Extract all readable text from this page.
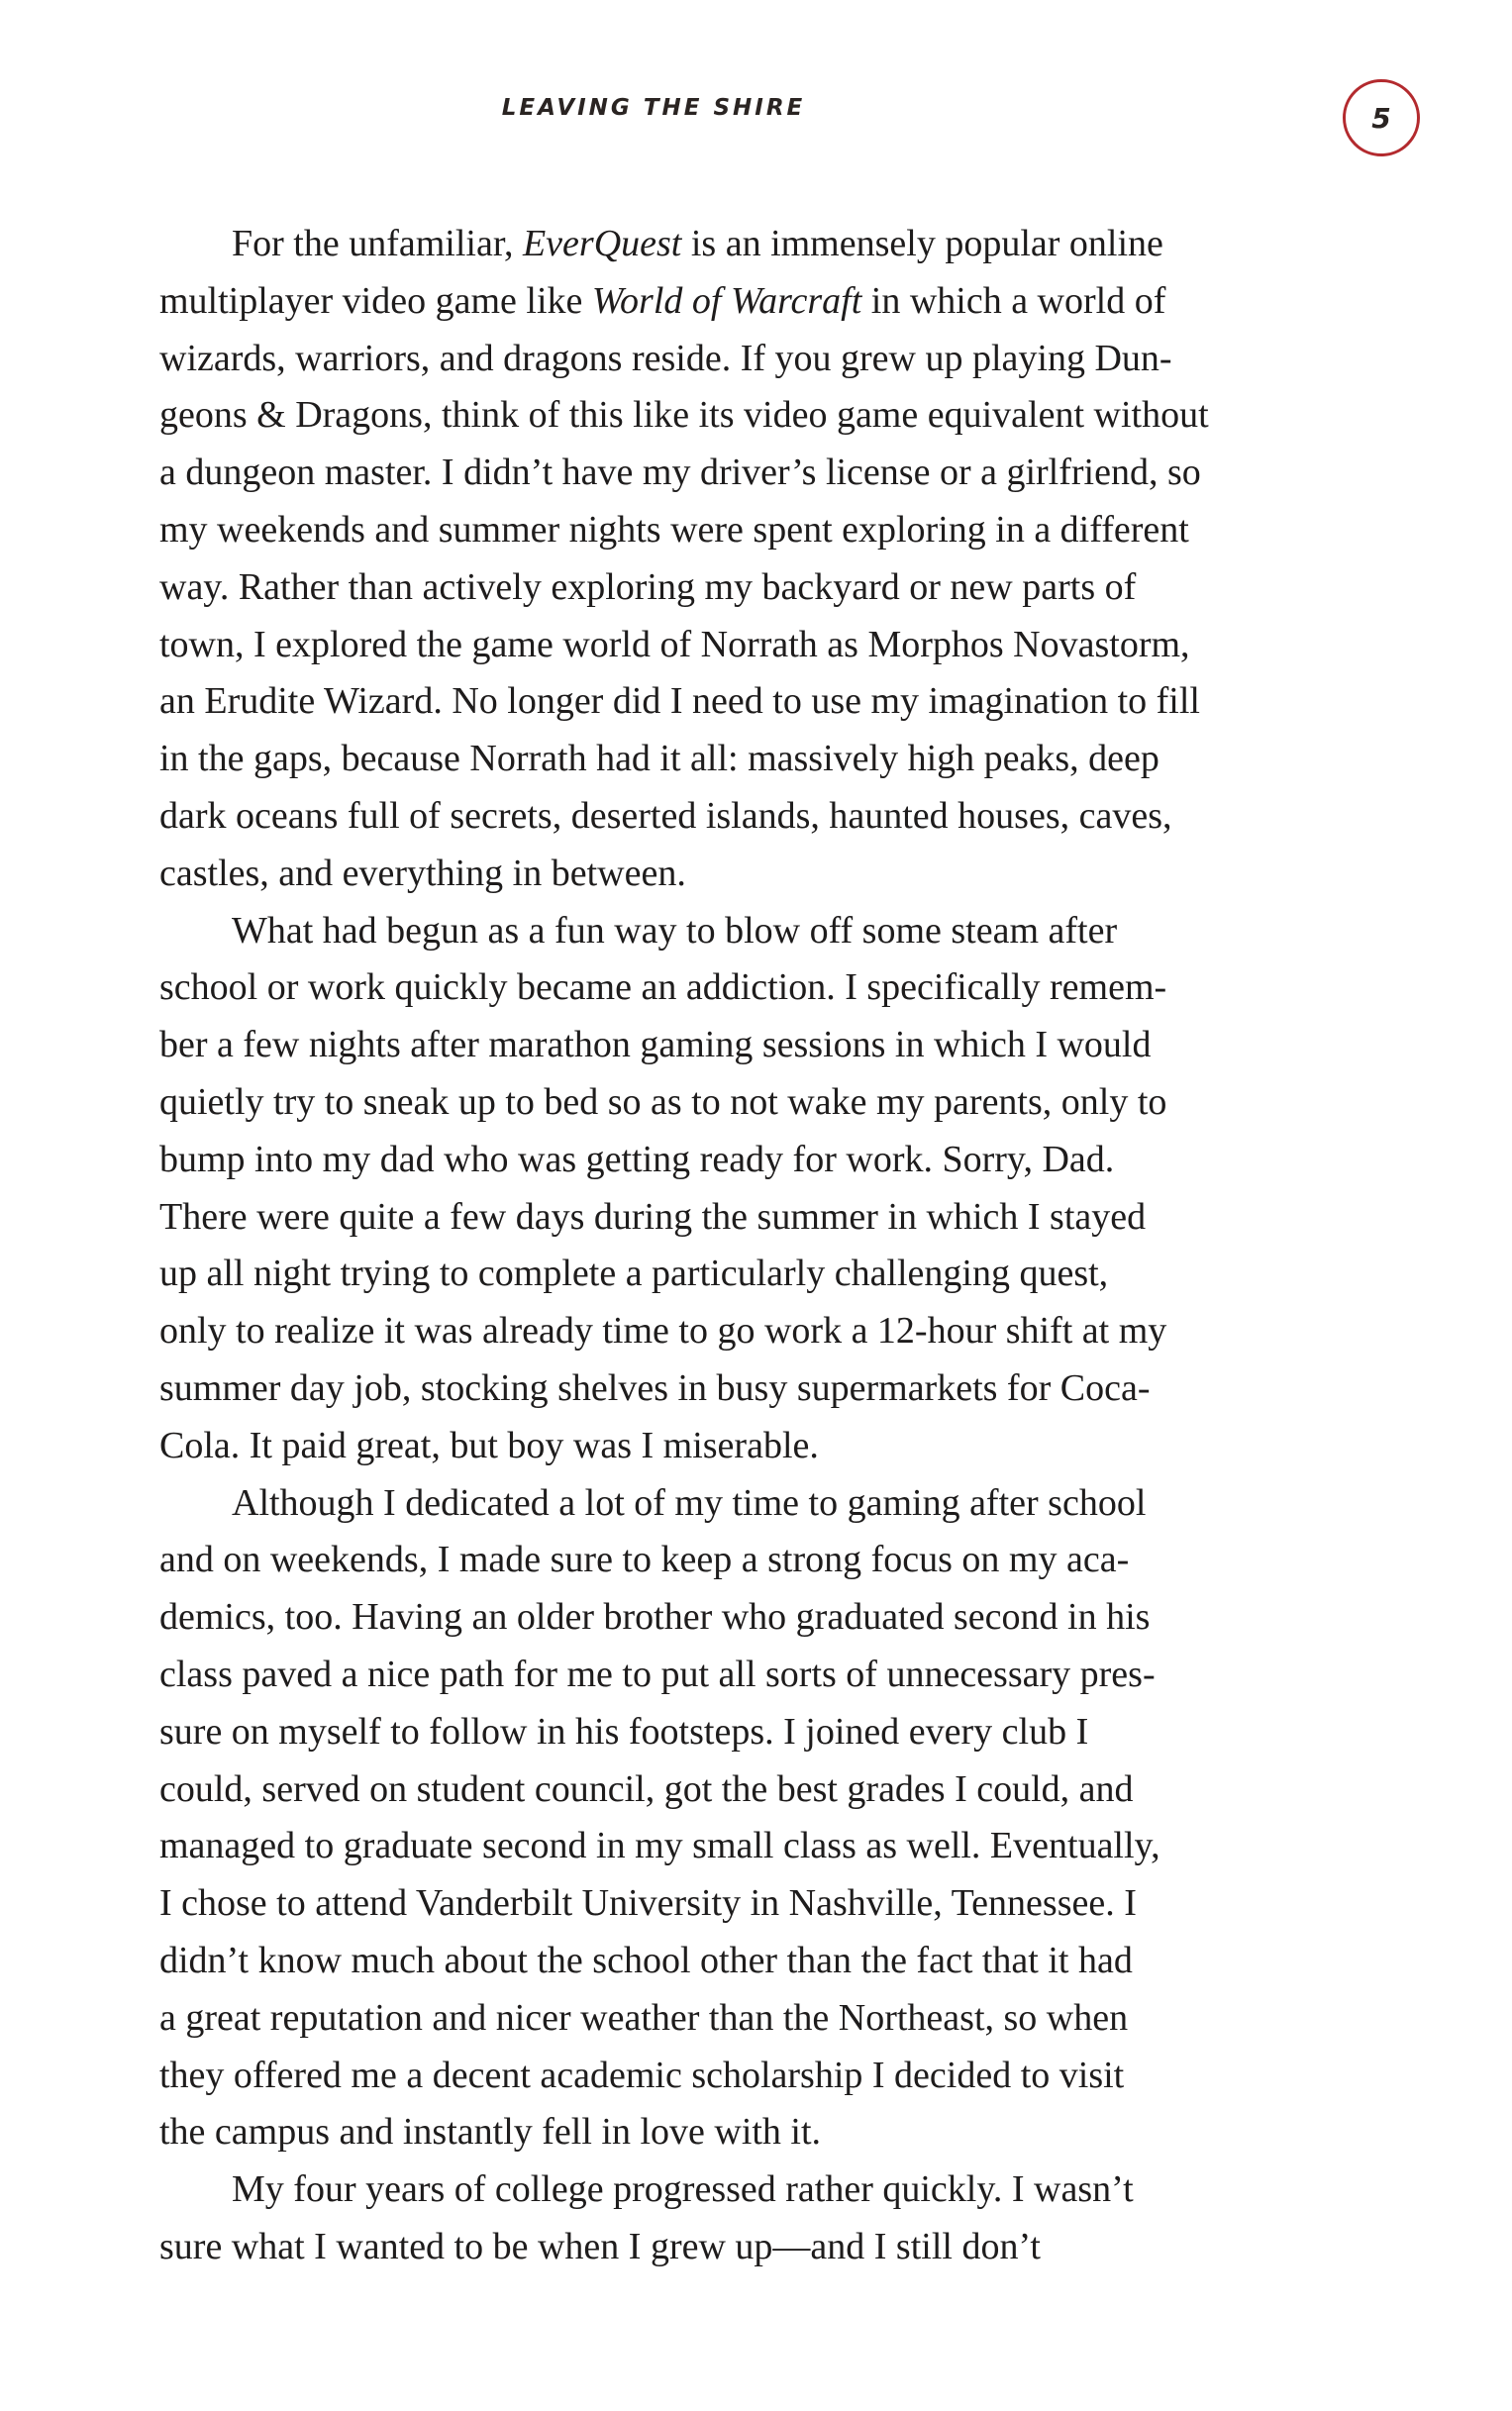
LEAVING THE SHIRE	5
For the unfamiliar, EverQuest is an immensely popular online
multiplayer video game like World of Warcraft in which a world of
wizards, warriors, and dragons reside. If you grew up playing Dun-
geons & Dragons, think of this like its video game equivalent without
a dungeon master. I didn’t have my driver’s license or a girlfriend, so
my weekends and summer nights were spent exploring in a different
way. Rather than actively exploring my backyard or new parts of
town, I explored the game world of Norrath as Morphos Novastorm,
an Erudite Wizard. No longer did I need to use my imagination to fill
in the gaps, because Norrath had it all: massively high peaks, deep
dark oceans full of secrets, deserted islands, haunted houses, caves,
castles, and everything in between.
What had begun as a fun way to blow off some steam after
school or work quickly became an addiction. I specifically remem-
ber a few nights after marathon gaming sessions in which I would
quietly try to sneak up to bed so as to not wake my parents, only to
bump into my dad who was getting ready for work. Sorry, Dad.
There were quite a few days during the summer in which I stayed
up all night trying to complete a particularly challenging quest,
only to realize it was already time to go work a 12-hour shift at my
summer day job, stocking shelves in busy supermarkets for Coca-
Cola. It paid great, but boy was I miserable.
Although I dedicated a lot of my time to gaming after school
and on weekends, I made sure to keep a strong focus on my aca-
demics, too. Having an older brother who graduated second in his
class paved a nice path for me to put all sorts of unnecessary pres-
sure on myself to follow in his footsteps. I joined every club I
could, served on student council, got the best grades I could, and
managed to graduate second in my small class as well. Eventually,
I chose to attend Vanderbilt University in Nashville, Tennessee. I
didn’t know much about the school other than the fact that it had
a great reputation and nicer weather than the Northeast, so when
they offered me a decent academic scholarship I decided to visit
the campus and instantly fell in love with it.
My four years of college progressed rather quickly. I wasn’t
sure what I wanted to be when I grew up—and I still don’t
